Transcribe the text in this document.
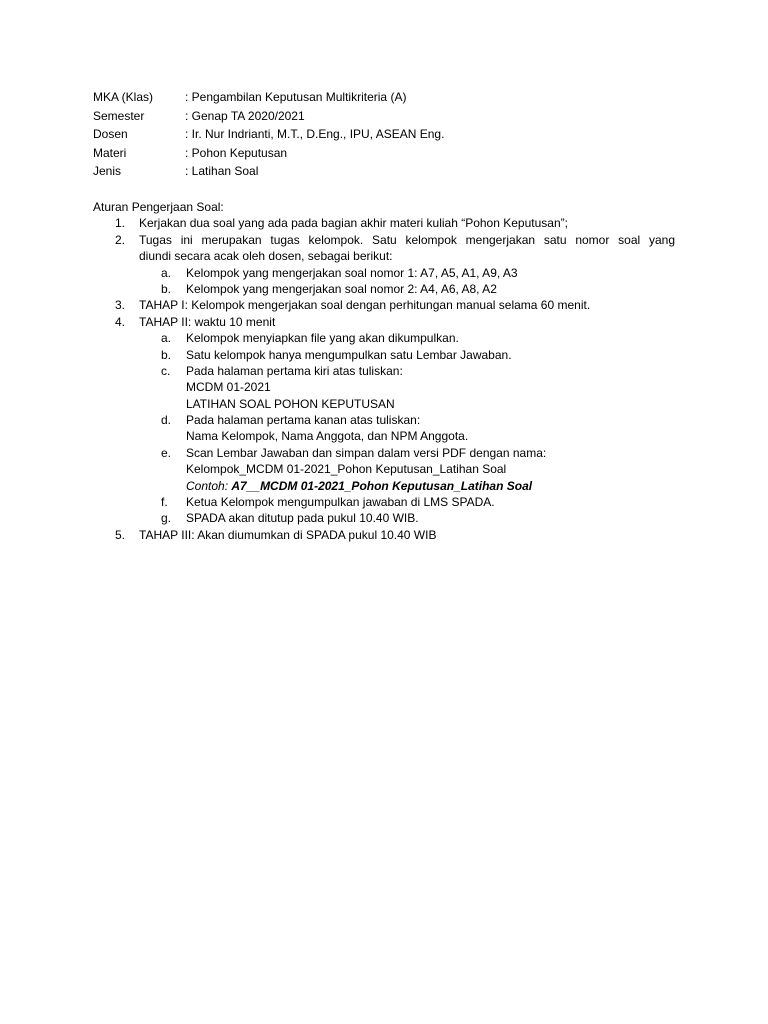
MKA (Klas)	: Pengambilan Keputusan Multikriteria (A)
Semester	: Genap TA 2020/2021
Dosen	: Ir. Nur Indrianti, M.T., D.Eng., IPU, ASEAN Eng.
Materi	: Pohon Keputusan
Jenis	: Latihan Soal
Aturan Pengerjaan Soal:
1. Kerjakan dua soal yang ada pada bagian akhir materi kuliah “Pohon Keputusan”;
2. Tugas ini merupakan tugas kelompok. Satu kelompok mengerjakan satu nomor soal yang
diundi secara acak oleh dosen, sebagai berikut:
a. Kelompok yang mengerjakan soal nomor 1: A7, A5, A1, A9, A3
b. Kelompok yang mengerjakan soal nomor 2: A4, A6, A8, A2
3. TAHAP I: Kelompok mengerjakan soal dengan perhitungan manual selama 60 menit.
4. TAHAP II: waktu 10 menit
a. Kelompok menyiapkan file yang akan dikumpulkan.
b. Satu kelompok hanya mengumpulkan satu Lembar Jawaban.
c. Pada halaman pertama kiri atas tuliskan:
MCDM 01-2021
LATIHAN SOAL POHON KEPUTUSAN
d. Pada halaman pertama kanan atas tuliskan:
Nama Kelompok, Nama Anggota, dan NPM Anggota.
e. Scan Lembar Jawaban dan simpan dalam versi PDF dengan nama:
Kelompok_MCDM 01-2021_Pohon Keputusan_Latihan Soal
Contoh: A7__MCDM 01-2021_Pohon Keputusan_Latihan Soal
f. Ketua Kelompok mengumpulkan jawaban di LMS SPADA.
g. SPADA akan ditutup pada pukul 10.40 WIB.
5. TAHAP III: Akan diumumkan di SPADA pukul 10.40 WIB
